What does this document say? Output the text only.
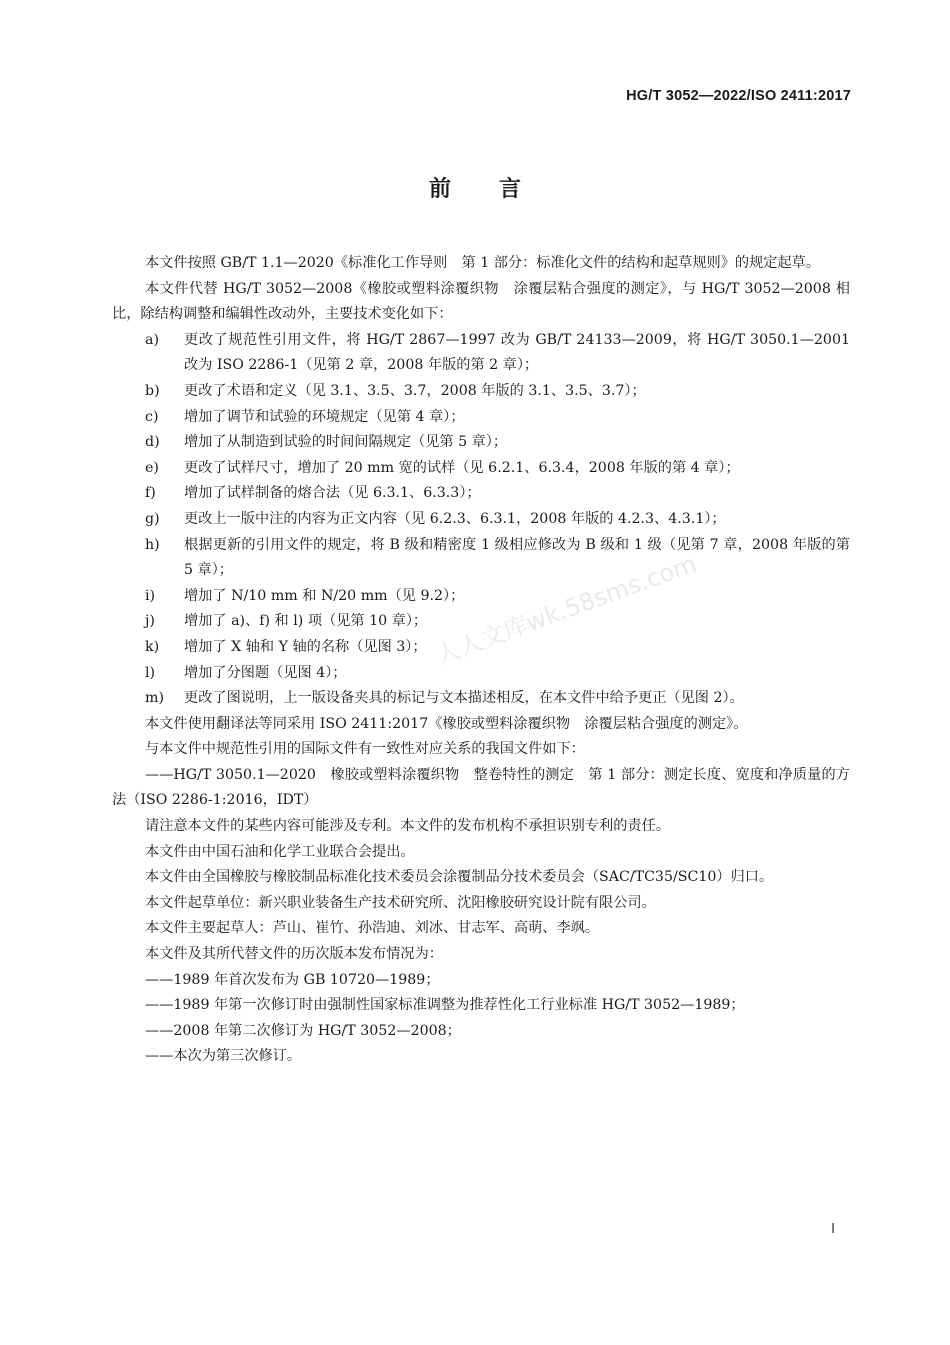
HG/T 3052—2022/ISO 2411:2017
前言

本文件按照 GB/T 1.1—2020《标准化工作导则　第 1 部分：标准化文件的结构和起草规则》的规定起草。

本文件代替 HG/T 3052—2008《橡胶或塑料涂覆织物　涂覆层粘合强度的测定》，与 HG/T 3052—2008 相比，除结构调整和编辑性改动外，主要技术变化如下：

a)	更改了规范性引用文件，将 HG/T 2867—1997 改为 GB/T 24133—2009，将 HG/T 3050.1—2001 改为 ISO 2286-1（见第 2 章，2008 年版的第 2 章）；
b)	更改了术语和定义（见 3.1、3.5、3.7，2008 年版的 3.1、3.5、3.7）；
c)	增加了调节和试验的环境规定（见第 4 章）；
d)	增加了从制造到试验的时间间隔规定（见第 5 章）；
e)	更改了试样尺寸，增加了 20 mm 宽的试样（见 6.2.1、6.3.4，2008 年版的第 4 章）；
f)	增加了试样制备的熔合法（见 6.3.1、6.3.3）；
g)	更改上一版中注的内容为正文内容（见 6.2.3、6.3.1，2008 年版的 4.2.3、4.3.1）；
h)	根据更新的引用文件的规定，将 B 级和精密度 1 级相应修改为 B 级和 1 级（见第 7 章，2008 年版的第 5 章）；
i)	增加了 N/10 mm 和 N/20 mm（见 9.2）；
j)	增加了 a)、f) 和 l) 项（见第 10 章）；
k)	增加了 X 轴和 Y 轴的名称（见图 3）；
l)	增加了分图题（见图 4）；
m)	更改了图说明，上一版设备夹具的标记与文本描述相反，在本文件中给予更正（见图 2）。

本文件使用翻译法等同采用 ISO 2411:2017《橡胶或塑料涂覆织物　涂覆层粘合强度的测定》。

与本文件中规范性引用的国际文件有一致性对应关系的我国文件如下：

——HG/T 3050.1—2020　橡胶或塑料涂覆织物　整卷特性的测定　第 1 部分：测定长度、宽度和净质量的方法（ISO 2286-1:2016，IDT）

请注意本文件的某些内容可能涉及专利。本文件的发布机构不承担识别专利的责任。

本文件由中国石油和化学工业联合会提出。

本文件由全国橡胶与橡胶制品标准化技术委员会涂覆制品分技术委员会（SAC/TC35/SC10）归口。

本文件起草单位：新兴职业装备生产技术研究所、沈阳橡胶研究设计院有限公司。

本文件主要起草人：芦山、崔竹、孙浩迪、刘冰、甘志军、高萌、李飒。

本文件及其所代替文件的历次版本发布情况为：

——1989 年首次发布为 GB 10720—1989；

——1989 年第一次修订时由强制性国家标准调整为推荐性化工行业标准 HG/T 3052—1989；

——2008 年第二次修订为 HG/T 3052—2008；

——本次为第三次修订。

人人文库wk.58sms.com
I
